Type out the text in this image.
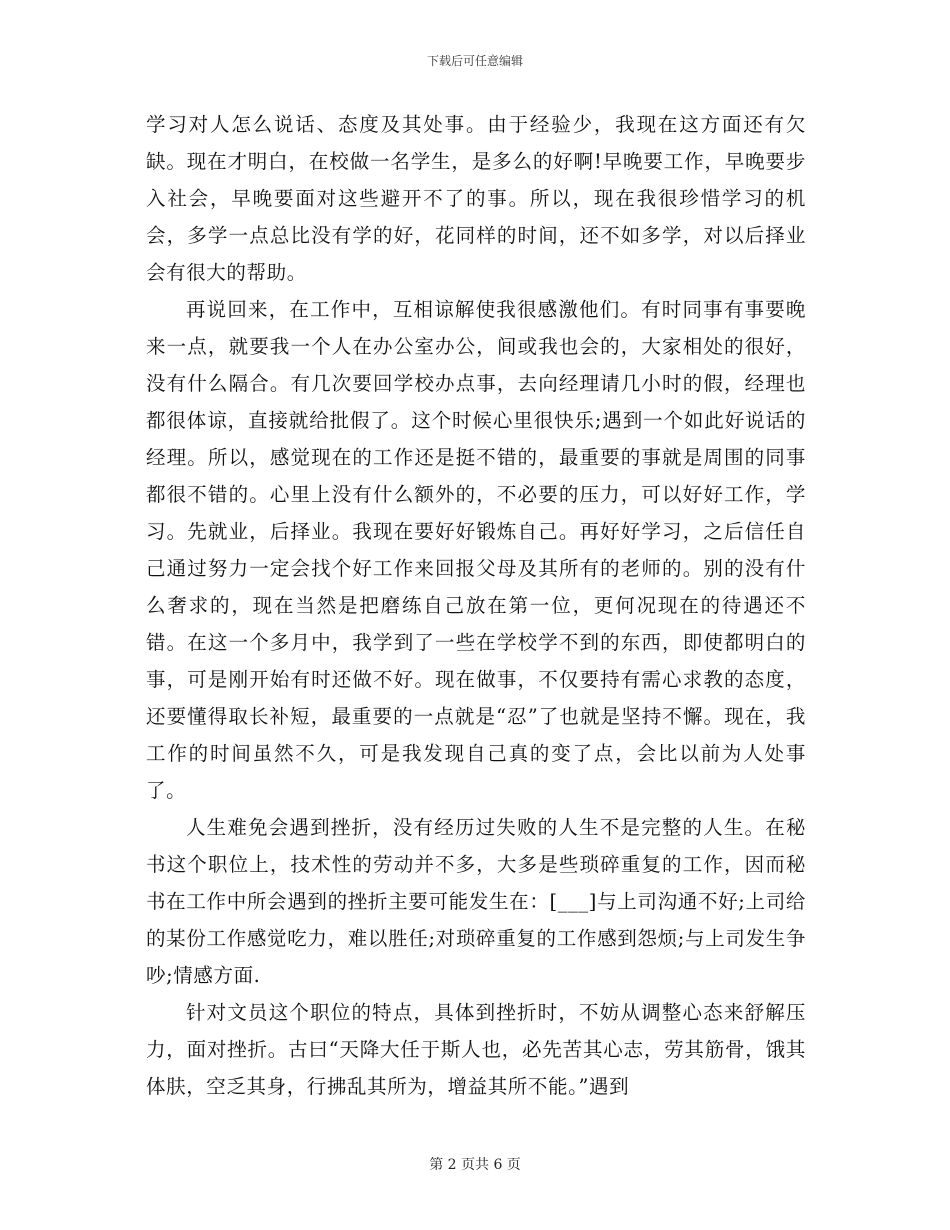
下载后可任意编辑

学习对人怎么说话、态度及其处事。由于经验少，我现在这方面还有欠缺。现在才明白，在校做一名学生，是多么的好啊!早晚要工作，早晚要步入社会，早晚要面对这些避开不了的事。所以，现在我很珍惜学习的机会，多学一点总比没有学的好，花同样的时间，还不如多学，对以后择业会有很大的帮助。

再说回来，在工作中，互相谅解使我很感激他们。有时同事有事要晚来一点，就要我一个人在办公室办公，间或我也会的，大家相处的很好，没有什么隔合。有几次要回学校办点事，去向经理请几小时的假，经理也都很体谅，直接就给批假了。这个时候心里很快乐;遇到一个如此好说话的经理。所以，感觉现在的工作还是挺不错的，最重要的事就是周围的同事都很不错的。心里上没有什么额外的，不必要的压力，可以好好工作，学习。先就业，后择业。我现在要好好锻炼自己。再好好学习，之后信任自己通过努力一定会找个好工作来回报父母及其所有的老师的。别的没有什么奢求的，现在当然是把磨练自己放在第一位，更何况现在的待遇还不错。在这一个多月中，我学到了一些在学校学不到的东西，即使都明白的事，可是刚开始有时还做不好。现在做事，不仅要持有需心求教的态度，还要懂得取长补短，最重要的一点就是“忍”了也就是坚持不懈。现在，我工作的时间虽然不久，可是我发现自己真的变了点，会比以前为人处事了。

人生难免会遇到挫折，没有经历过失败的人生不是完整的人生。在秘书这个职位上，技术性的劳动并不多，大多是些琐碎重复的工作，因而秘书在工作中所会遇到的挫折主要可能发生在：[___]与上司沟通不好;上司给的某份工作感觉吃力，难以胜任;对琐碎重复的工作感到怨烦;与上司发生争吵;情感方面.

针对文员这个职位的特点，具体到挫折时，不妨从调整心态来舒解压力，面对挫折。古曰“天降大任于斯人也，必先苦其心志，劳其筋骨，饿其体肤，空乏其身，行拂乱其所为，增益其所不能。”遇到

第 2 页共 6 页
